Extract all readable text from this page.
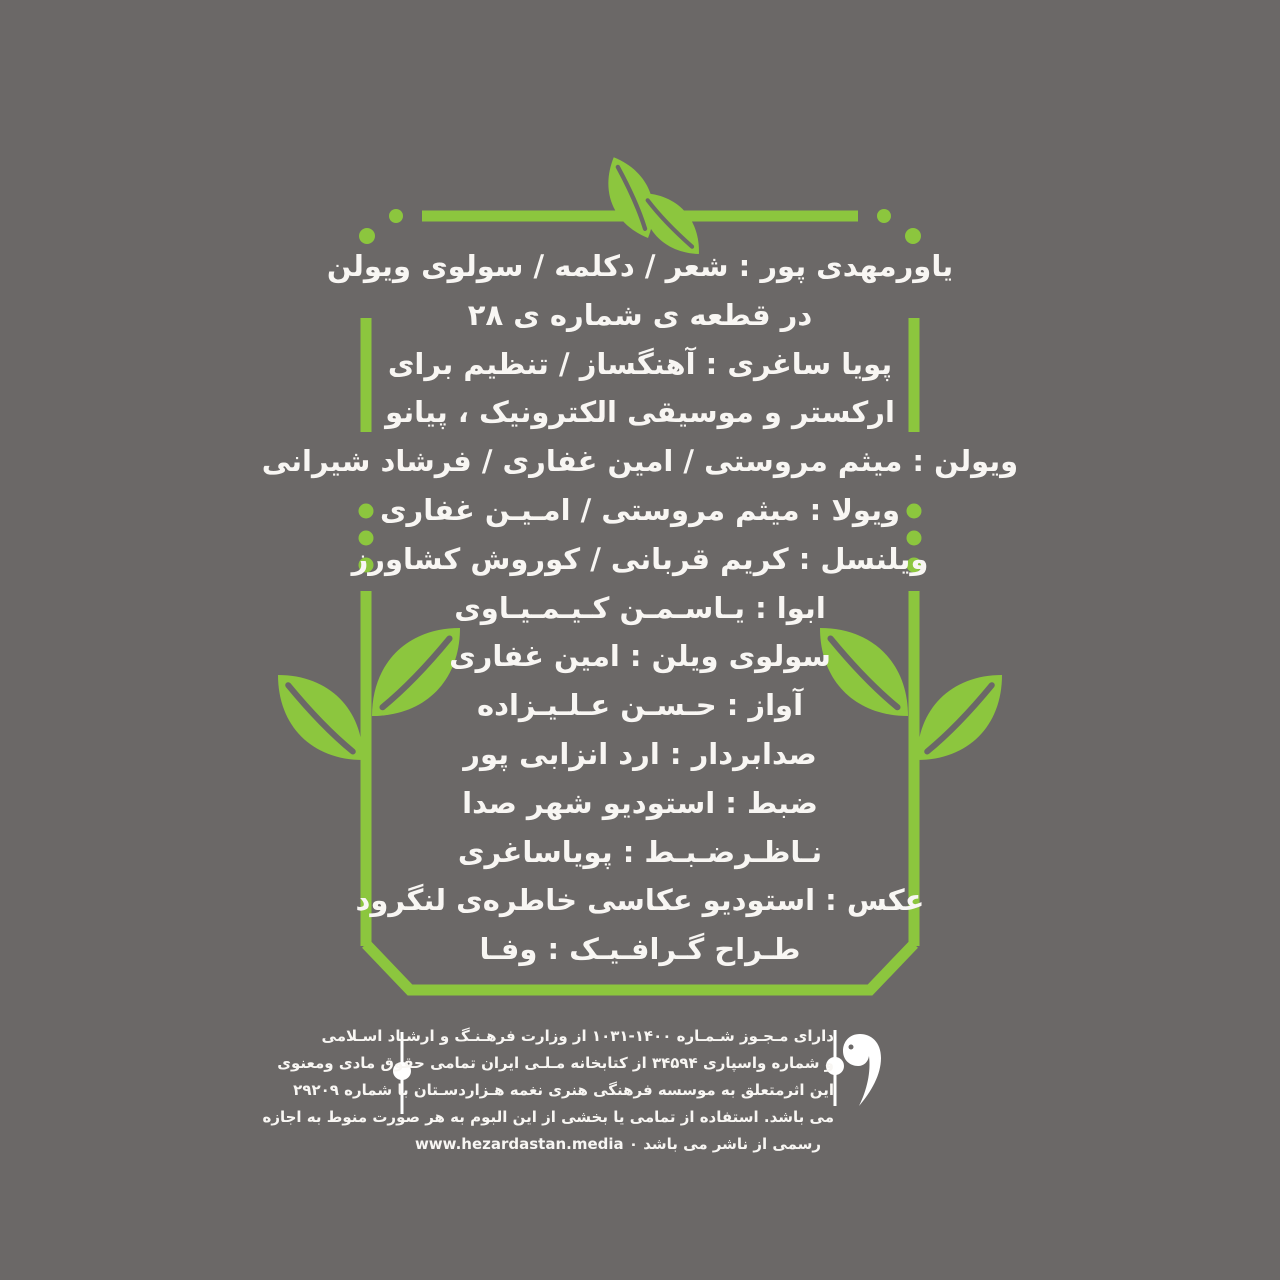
یاورمهدی پور : شعر / دکلمه / سولوی ویولن
در قطعه ی شماره ی ۲۸
پویا ساغری : آهنگساز / تنظیم برای
ارکستر و موسیقی الکترونیک ، پیانو
ویولن : میثم مروستی / امین غفاری / فرشاد شیرانی
ویولا : میثم مروستی / امـیـن غفاری
ویلنسل : کریم قربانی / کوروش کشاورز
ابوا : یـاسـمـن کـیـمـیـاوی
سولوی ویلن : امین غفاری
آواز : حـسـن عـلـیـزاده
صدابردار : ارد انزابی پور
ضبط : استودیو شهر صدا
نـاظـرضـبـط : پویاساغری
عکس : استودیو عکاسی خاطره‌ی لنگرود
طـراح گـرافـیـک : وفـا
دارای مـجـوز شـمـاره ‪۱۰۳۱-۱۴۰۰‬ از وزارت فرهـنـگ و ارشـاد اسـلامی
و شماره واسپاری ۳۴۵۹۴ از کتابخانه مـلـی ایران تمامی حقوق مادی ومعنوی
این اثرمتعلق به موسسه فرهنگی هنری نغمه هـزاردسـتان با شماره ۲۹۲۰۹
می باشد. استفاده از تمامی یا بخشی از این البوم به هر صورت منوط به اجازه
رسمی از ناشر می باشد ۰ www.hezardastan.media
